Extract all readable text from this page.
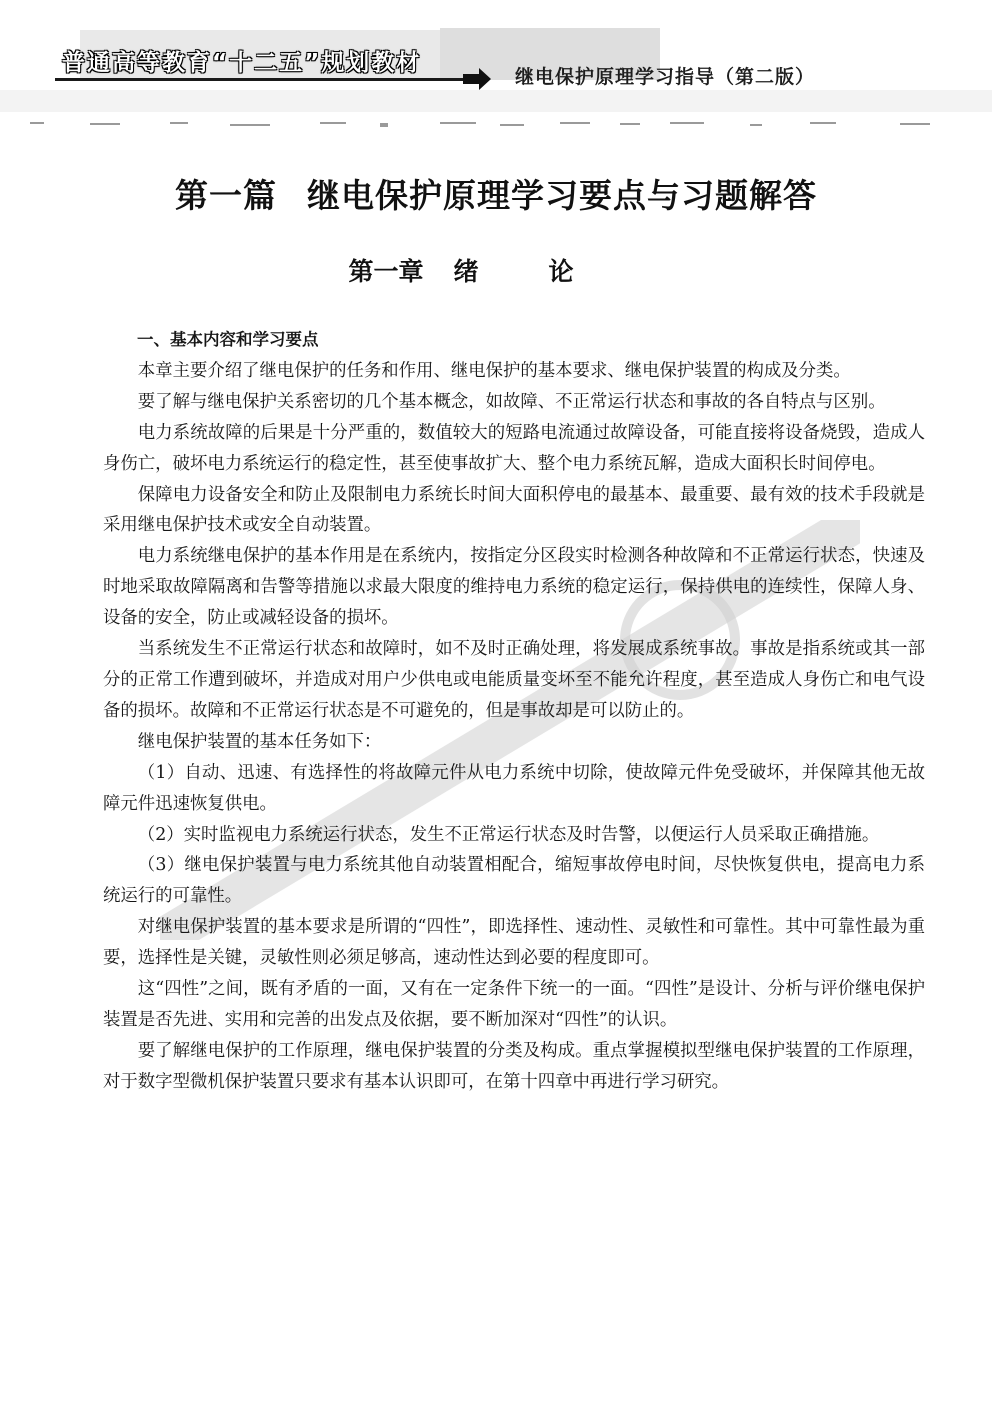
普通高等教育“十二五”规划教材
继电保护原理学习指导（第二版）
第一篇 继电保护原理学习要点与习题解答
第一章 绪论

一、基本内容和学习要点

本章主要介绍了继电保护的任务和作用、继电保护的基本要求、继电保护装置的构成及分类。

要了解与继电保护关系密切的几个基本概念，如故障、不正常运行状态和事故的各自特点与区别。

电力系统故障的后果是十分严重的，数值较大的短路电流通过故障设备，可能直接将设备烧毁，造成人身伤亡，破坏电力系统运行的稳定性，甚至使事故扩大、整个电力系统瓦解，造成大面积长时间停电。

保障电力设备安全和防止及限制电力系统长时间大面积停电的最基本、最重要、最有效的技术手段就是采用继电保护技术或安全自动装置。

电力系统继电保护的基本作用是在系统内，按指定分区段实时检测各种故障和不正常运行状态，快速及时地采取故障隔离和告警等措施以求最大限度的维持电力系统的稳定运行，保持供电的连续性，保障人身、设备的安全，防止或减轻设备的损坏。

当系统发生不正常运行状态和故障时，如不及时正确处理，将发展成系统事故。事故是指系统或其一部分的正常工作遭到破坏，并造成对用户少供电或电能质量变坏至不能允许程度，甚至造成人身伤亡和电气设备的损坏。故障和不正常运行状态是不可避免的，但是事故却是可以防止的。

继电保护装置的基本任务如下：

（1）自动、迅速、有选择性的将故障元件从电力系统中切除，使故障元件免受破坏，并保障其他无故障元件迅速恢复供电。

（2）实时监视电力系统运行状态，发生不正常运行状态及时告警，以便运行人员采取正确措施。

（3）继电保护装置与电力系统其他自动装置相配合，缩短事故停电时间，尽快恢复供电，提高电力系统运行的可靠性。

对继电保护装置的基本要求是所谓的“四性”，即选择性、速动性、灵敏性和可靠性。其中可靠性最为重要，选择性是关键，灵敏性则必须足够高，速动性达到必要的程度即可。

这“四性”之间，既有矛盾的一面，又有在一定条件下统一的一面。“四性”是设计、分析与评价继电保护装置是否先进、实用和完善的出发点及依据，要不断加深对“四性”的认识。

要了解继电保护的工作原理，继电保护装置的分类及构成。重点掌握模拟型继电保护装置的工作原理，对于数字型微机保护装置只要求有基本认识即可，在第十四章中再进行学习研究。
